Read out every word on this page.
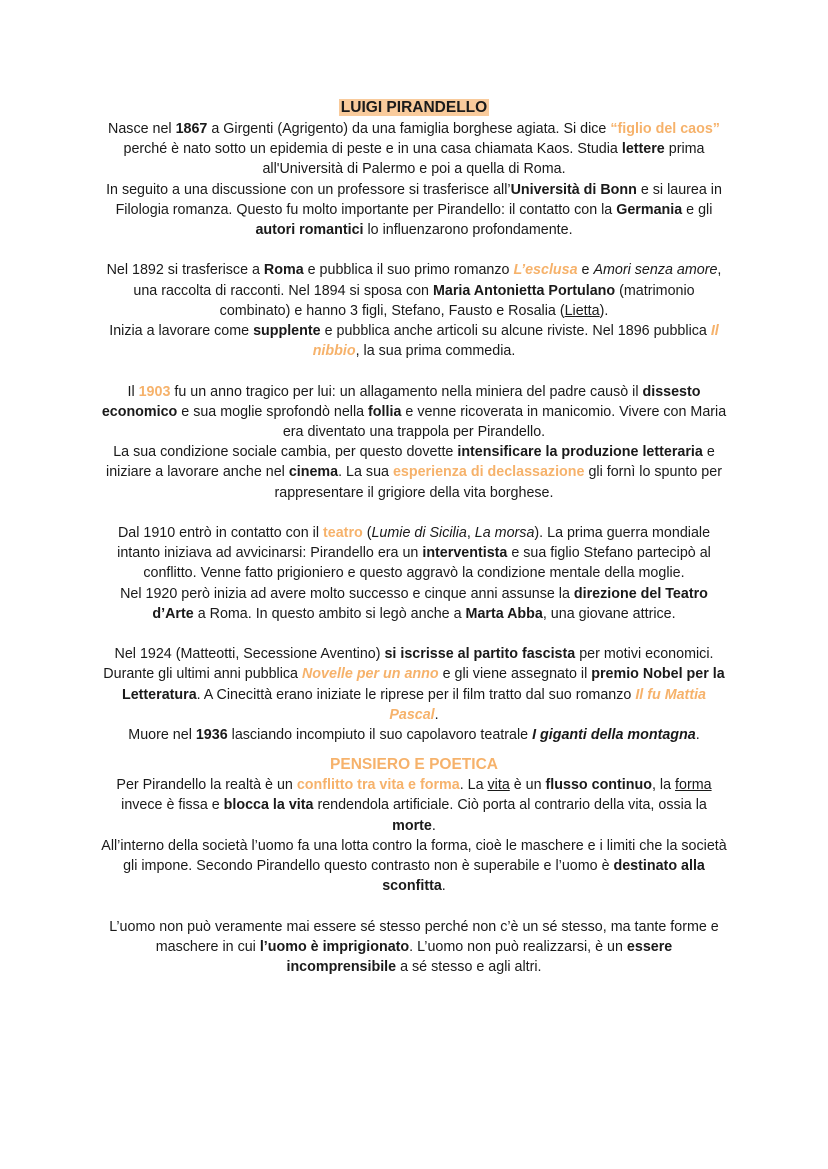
LUIGI PIRANDELLO

Nasce nel 1867 a Girgenti (Agrigento) da una famiglia borghese agiata. Si dice “figlio del caos” perché è nato sotto un epidemia di peste e in una casa chiamata Kaos. Studia lettere prima all'Università di Palermo e poi a quella di Roma.

In seguito a una discussione con un professore si trasferisce all’Università di Bonn e si laurea in Filologia romanza. Questo fu molto importante per Pirandello: il contatto con la Germania e gli autori romantici lo influenzarono profondamente.

Nel 1892 si trasferisce a Roma e pubblica il suo primo romanzo L’esclusa e Amori senza amore, una raccolta di racconti. Nel 1894 si sposa con Maria Antonietta Portulano (matrimonio combinato) e hanno 3 figli, Stefano, Fausto e Rosalia (Lietta).

Inizia a lavorare come supplente e pubblica anche articoli su alcune riviste. Nel 1896 pubblica Il nibbio, la sua prima commedia.

Il 1903 fu un anno tragico per lui: un allagamento nella miniera del padre causò il dissesto economico e sua moglie sprofondò nella follia e venne ricoverata in manicomio. Vivere con Maria era diventato una trappola per Pirandello.

La sua condizione sociale cambia, per questo dovette intensificare la produzione letteraria e iniziare a lavorare anche nel cinema. La sua esperienza di declassazione gli fornì lo spunto per rappresentare il grigiore della vita borghese.

Dal 1910 entrò in contatto con il teatro (Lumie di Sicilia, La morsa). La prima guerra mondiale intanto iniziava ad avvicinarsi: Pirandello era un interventista e sua figlio Stefano partecipò al conflitto. Venne fatto prigioniero e questo aggravò la condizione mentale della moglie.

Nel 1920 però inizia ad avere molto successo e cinque anni assunse la direzione del Teatro d’Arte a Roma. In questo ambito si legò anche a Marta Abba, una giovane attrice.

Nel 1924 (Matteotti, Secessione Aventino) si iscrisse al partito fascista per motivi economici. Durante gli ultimi anni pubblica Novelle per un anno e gli viene assegnato il premio Nobel per la Letteratura. A Cinecittà erano iniziate le riprese per il film tratto dal suo romanzo Il fu Mattia Pascal.

Muore nel 1936 lasciando incompiuto il suo capolavoro teatrale I giganti della montagna.

PENSIERO E POETICA

Per Pirandello la realtà è un conflitto tra vita e forma. La vita è un flusso continuo, la forma invece è fissa e blocca la vita rendendola artificiale. Ciò porta al contrario della vita, ossia la morte.

All’interno della società l’uomo fa una lotta contro la forma, cioè le maschere e i limiti che la società gli impone. Secondo Pirandello questo contrasto non è superabile e l’uomo è destinato alla sconfitta.

L’uomo non può veramente mai essere sé stesso perché non c’è un sé stesso, ma tante forme e maschere in cui l’uomo è imprigionato. L’uomo non può realizzarsi, è un essere incomprensibile a sé stesso e agli altri.
